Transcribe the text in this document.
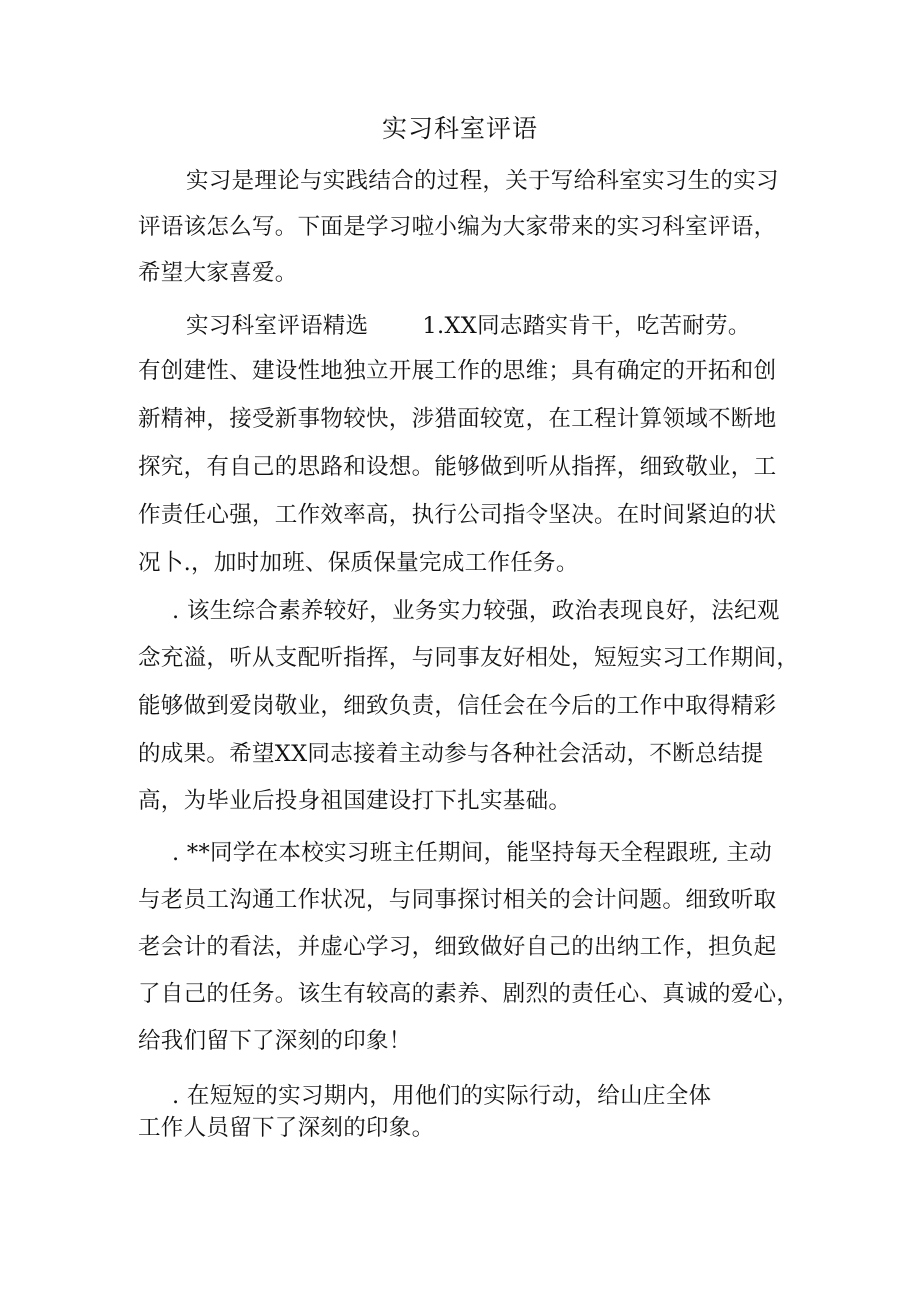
实习科室评语
实习是理论与实践结合的过程，关于写给科室实习生的实习
评语该怎么写。下面是学习啦小编为大家带来的实习科室评语，
希望大家喜爱。
实习科室评语精选 1.XX同志踏实肯干，吃苦耐劳。
有创建性、建设性地独立开展工作的思维；具有确定的开拓和创
新精神，接受新事物较快，涉猎面较宽，在工程计算领域不断地
探究，有自己的思路和设想。能够做到听从指挥，细致敬业，工
作责任心强，工作效率高，执行公司指令坚决。在时间紧迫的状
况卜.，加时加班、保质保量完成工作任务。
. 该生综合素养较好，业务实力较强，政治表现良好，法纪观
念充溢，听从支配听指挥，与同事友好相处，短短实习工作期间，
能够做到爱岗敬业，细致负责，信任会在今后的工作中取得精彩
的成果。希望XX同志接着主动参与各种社会活动，不断总结提
高，为毕业后投身祖国建设打下扎实基础。
. **同学在本校实习班主任期间，能坚持每天全程跟班, 主动
与老员工沟通工作状况，与同事探讨相关的会计问题。细致听取
老会计的看法，并虚心学习，细致做好自己的出纳工作，担负起
了自己的任务。该生有较高的素养、剧烈的责任心、真诚的爱心，
给我们留下了深刻的印象！
. 在短短的实习期内，用他们的实际行动，给山庄全体
工作人员留下了深刻的印象。
